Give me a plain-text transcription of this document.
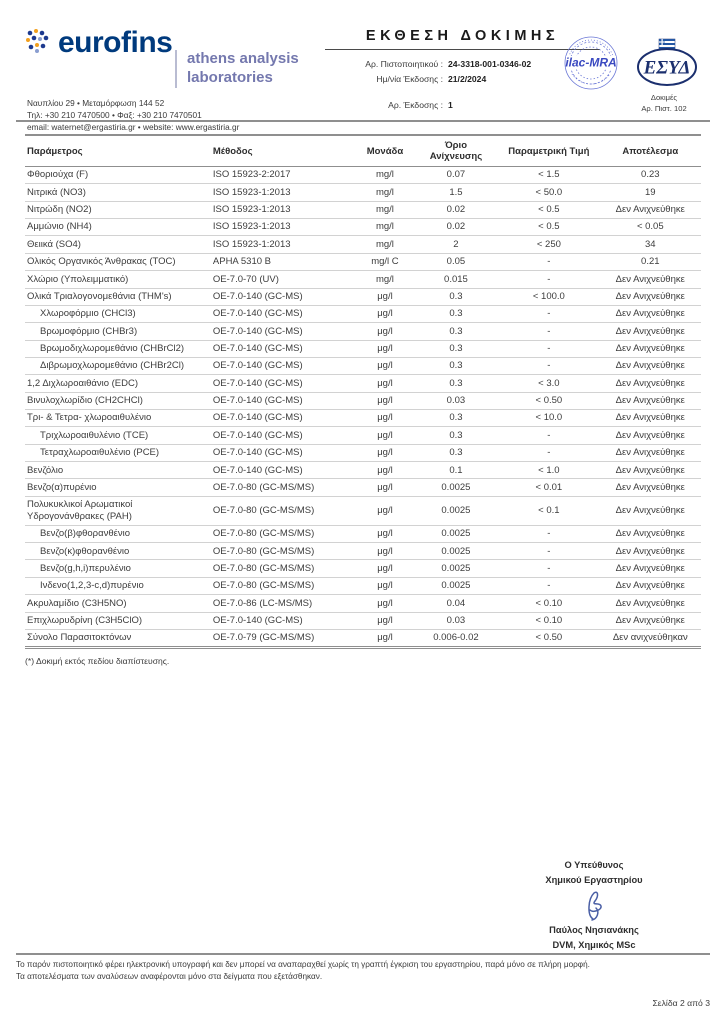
eurofins athens analysis
laboratories
Ναυπλίου 29 • Μεταμόρφωση 144 52
Τηλ: +30 210 7470500 • Φαξ: +30 210 7470501
email: waternet@ergastiria.gr • website: www.ergastiria.gr
ΕΚΘΕΣΗ ΔΟΚΙΜΗΣ
Αρ. Πιστοποιητικού : 24-3318-001-0346-02
Ημ/νία Έκδοσης : 21/2/2024
Αρ. Έκδοσης : 1
ilac-MRA ΕΣΥΔ
Δοκιμές
Αρ. Πιστ. 102
Παράμετρος	Μέθοδος	Μονάδα	Όριο Ανίχνευσης	Παραμετρική Τιμή	Αποτέλεσμα
Φθοριούχα (F)	ISO 15923-2:2017	mg/l	0.07	< 1.5	0.23
Νιτρικά (NO3)	ISO 15923-1:2013	mg/l	1.5	< 50.0	19
Νιτρώδη (NO2)	ISO 15923-1:2013	mg/l	0.02	< 0.5	Δεν Ανιχνεύθηκε
Αμμώνιο (NH4)	ISO 15923-1:2013	mg/l	0.02	< 0.5	< 0.05
Θειικά (SO4)	ISO 15923-1:2013	mg/l	2	< 250	34
Ολικός Οργανικός Άνθρακας (TOC)	APHA 5310 B	mg/l C	0.05	-	0.21
Χλώριο (Υπολειμματικό)	OE-7.0-70 (UV)	mg/l	0.015	-	Δεν Ανιχνεύθηκε
Ολικά Τριαλογονομεθάνια (THM's)	OE-7.0-140 (GC-MS)	μg/l	0.3	< 100.0	Δεν Ανιχνεύθηκε
Χλωροφόρμιο (CHCl3)	OE-7.0-140 (GC-MS)	μg/l	0.3	-	Δεν Ανιχνεύθηκε
Βρωμοφόρμιο (CHBr3)	OE-7.0-140 (GC-MS)	μg/l	0.3	-	Δεν Ανιχνεύθηκε
Βρωμοδιχλωρομεθάνιο (CHBrCl2)	OE-7.0-140 (GC-MS)	μg/l	0.3	-	Δεν Ανιχνεύθηκε
Διβρωμοχλωρομεθάνιο (CHBr2Cl)	OE-7.0-140 (GC-MS)	μg/l	0.3	-	Δεν Ανιχνεύθηκε
1,2 Διχλωροαιθάνιο (EDC)	OE-7.0-140 (GC-MS)	μg/l	0.3	< 3.0	Δεν Ανιχνεύθηκε
Βινυλοχλωρίδιο (CH2CHCl)	OE-7.0-140 (GC-MS)	μg/l	0.03	< 0.50	Δεν Ανιχνεύθηκε
Τρι- & Τετρα- χλωροαιθυλένιο	OE-7.0-140 (GC-MS)	μg/l	0.3	< 10.0	Δεν Ανιχνεύθηκε
Τριχλωροαιθυλένιο (TCE)	OE-7.0-140 (GC-MS)	μg/l	0.3	-	Δεν Ανιχνεύθηκε
Τετραχλωροαιθυλένιο (PCE)	OE-7.0-140 (GC-MS)	μg/l	0.3	-	Δεν Ανιχνεύθηκε
Βενζόλιο	OE-7.0-140 (GC-MS)	μg/l	0.1	< 1.0	Δεν Ανιχνεύθηκε
Βενζο(α)πυρένιο	OE-7.0-80 (GC-MS/MS)	μg/l	0.0025	< 0.01	Δεν Ανιχνεύθηκε
Πολυκυκλικοί Αρωματικοί Υδρογονάνθρακες (PAH)	OE-7.0-80 (GC-MS/MS)	μg/l	0.0025	< 0.1	Δεν Ανιχνεύθηκε
Βενζο(β)φθορανθένιο	OE-7.0-80 (GC-MS/MS)	μg/l	0.0025	-	Δεν Ανιχνεύθηκε
Βενζο(κ)φθορανθένιο	OE-7.0-80 (GC-MS/MS)	μg/l	0.0025	-	Δεν Ανιχνεύθηκε
Βενζο(g,h,i)περυλένιο	OE-7.0-80 (GC-MS/MS)	μg/l	0.0025	-	Δεν Ανιχνεύθηκε
Ινδενο(1,2,3-c,d)πυρένιο	OE-7.0-80 (GC-MS/MS)	μg/l	0.0025	-	Δεν Ανιχνεύθηκε
Ακρυλαμίδιο (C3H5NO)	OE-7.0-86 (LC-MS/MS)	μg/l	0.04	< 0.10	Δεν Ανιχνεύθηκε
Επιχλωρυδρίνη (C3H5ClO)	OE-7.0-140 (GC-MS)	μg/l	0.03	< 0.10	Δεν Ανιχνεύθηκε
Σύνολο Παρασιτοκτόνων	OE-7.0-79 (GC-MS/MS)	μg/l	0.006-0.02	< 0.50	Δεν ανιχνεύθηκαν
(*) Δοκιμή εκτός πεδίου διαπίστευσης.
Ο Υπεύθυνος
Χημικού Εργαστηρίου
Παύλος Νησιανάκης
DVM, Χημικός MSc
Το παρόν πιστοποιητικό φέρει ηλεκτρονική υπογραφή και δεν μπορεί να αναπαραχθεί χωρίς τη γραπτή έγκριση του εργαστηρίου, παρά μόνο σε πλήρη μορφή.
Τα αποτελέσματα των αναλύσεων αναφέρονται μόνο στα δείγματα που εξετάσθηκαν.
Σελίδα 2 από 3
